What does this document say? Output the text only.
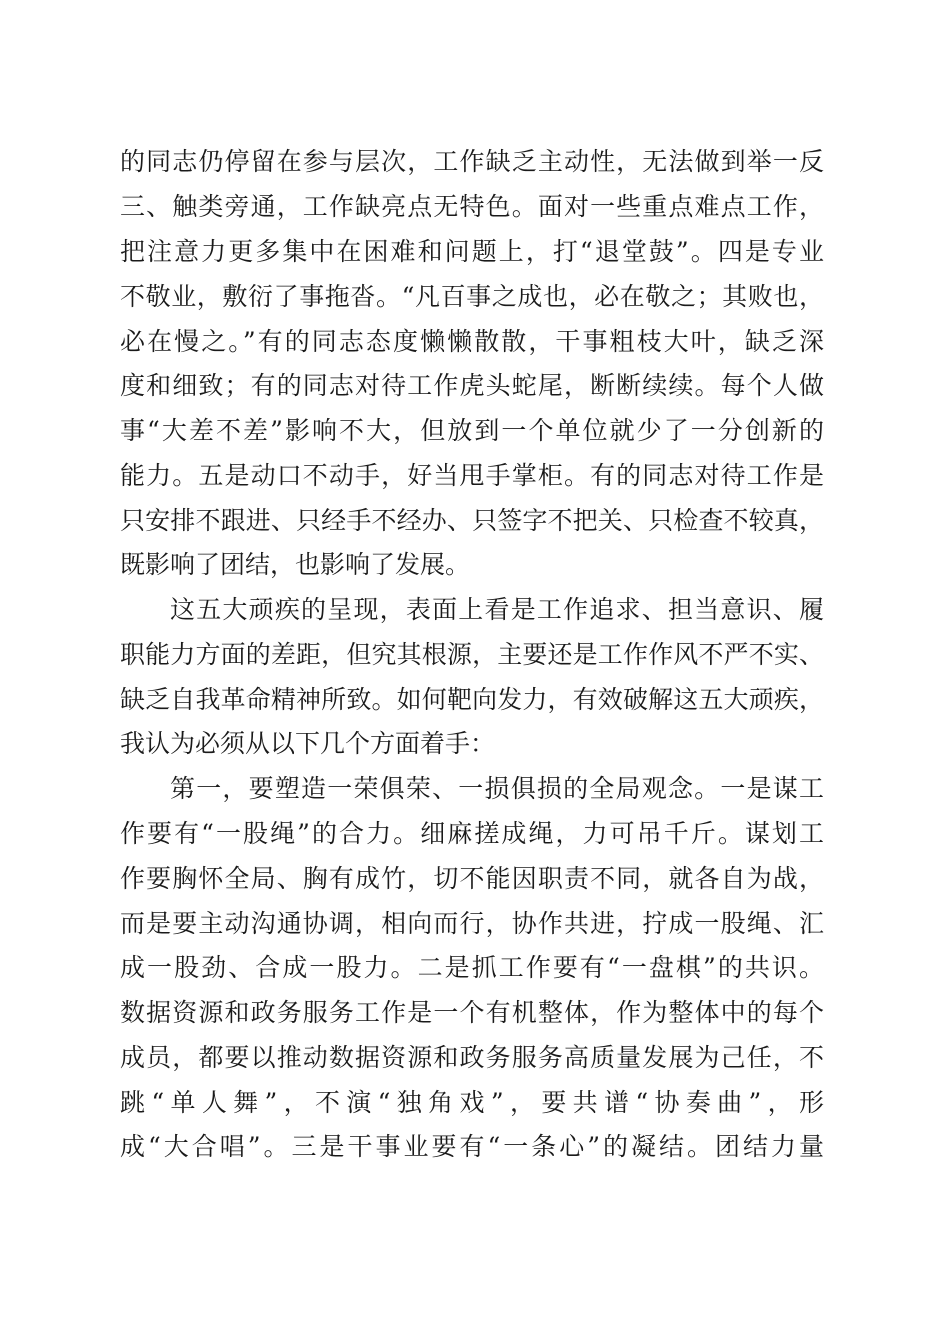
的同志仍停留在参与层次，工作缺乏主动性，无法做到举一反
三、触类旁通，工作缺亮点无特色。面对一些重点难点工作，
把注意力更多集中在困难和问题上，打“退堂鼓”。四是专业
不敬业，敷衍了事拖沓。“凡百事之成也，必在敬之；其败也，
必在慢之。”有的同志态度懒懒散散，干事粗枝大叶，缺乏深
度和细致；有的同志对待工作虎头蛇尾，断断续续。每个人做
事“大差不差”影响不大，但放到一个单位就少了一分创新的
能力。五是动口不动手，好当甩手掌柜。有的同志对待工作是
只安排不跟进、只经手不经办、只签字不把关、只检查不较真，
既影响了团结，也影响了发展。
这五大顽疾的呈现，表面上看是工作追求、担当意识、履
职能力方面的差距，但究其根源，主要还是工作作风不严不实、
缺乏自我革命精神所致。如何靶向发力，有效破解这五大顽疾，
我认为必须从以下几个方面着手：
第一，要塑造一荣俱荣、一损俱损的全局观念。一是谋工
作要有“一股绳”的合力。细麻搓成绳，力可吊千斤。谋划工
作要胸怀全局、胸有成竹，切不能因职责不同，就各自为战，
而是要主动沟通协调，相向而行，协作共进，拧成一股绳、汇
成一股劲、合成一股力。二是抓工作要有“一盘棋”的共识。
数据资源和政务服务工作是一个有机整体，作为整体中的每个
成员，都要以推动数据资源和政务服务高质量发展为己任，不
跳“单人舞”，不演“独角戏”，要共谱“协奏曲”，形
成“大合唱”。三是干事业要有“一条心”的凝结。团结力量
